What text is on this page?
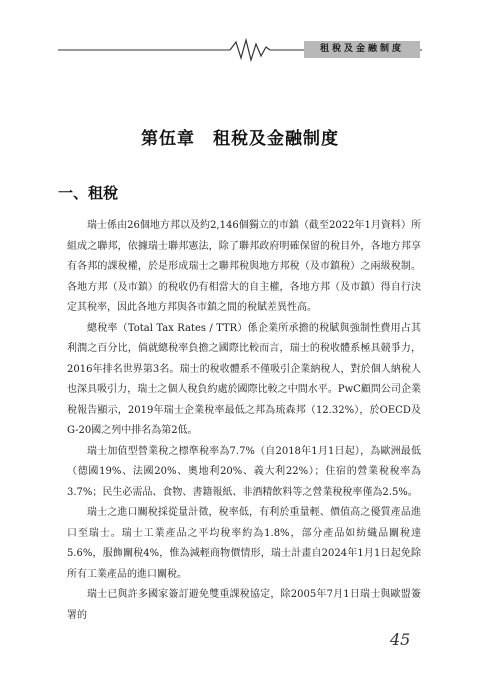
租稅及金融制度
第伍章　租稅及金融制度
一、租稅

瑞士係由26個地方邦以及約2,146個獨立的市鎮（截至2022年1月資料）所組成之聯邦，依據瑞士聯邦憲法，除了聯邦政府明確保留的稅目外，各地方邦享有各邦的課稅權，於是形成瑞士之聯邦稅與地方邦稅（及市鎮稅）之兩級稅制。各地方邦（及市鎮）的稅收仍有相當大的自主權，各地方邦（及市鎮）得自行決定其稅率，因此各地方邦與各市鎮之間的稅賦差異性高。

總稅率（Total Tax Rates / TTR）係企業所承擔的稅賦與強制性費用占其利潤之百分比，倘就總稅率負擔之國際比較而言，瑞士的稅收體系極具競爭力，2016年排名世界第3名。瑞士的稅收體系不僅吸引企業納稅人，對於個人納稅人也深具吸引力，瑞士之個人稅負約處於國際比較之中間水平。PwC顧問公司企業稅報告顯示，2019年瑞士企業稅率最低之邦為琉森邦（12.32%），於OECD及G-20國之列中排名為第2低。

瑞士加值型營業稅之標準稅率為7.7%（自2018年1月1日起），為歐洲最低（德國19%、法國20%、奧地利20%、義大利22%）；住宿的營業稅稅率為3.7%；民生必需品、食物、書籍報紙、非酒精飲料等之營業稅稅率僅為2.5%。

瑞士之進口關稅採從量計徵，稅率低，有利於重量輕、價值高之優質產品進口至瑞士。瑞士工業產品之平均稅率約為1.8%，部分產品如紡織品關稅達5.6%，服飾關稅4%，惟為減輕商物價情形，瑞士計畫自2024年1月1日起免除所有工業產品的進口關稅。

瑞士已與許多國家簽訂避免雙重課稅協定，除2005年7月1日瑞士與歐盟簽署的

45
